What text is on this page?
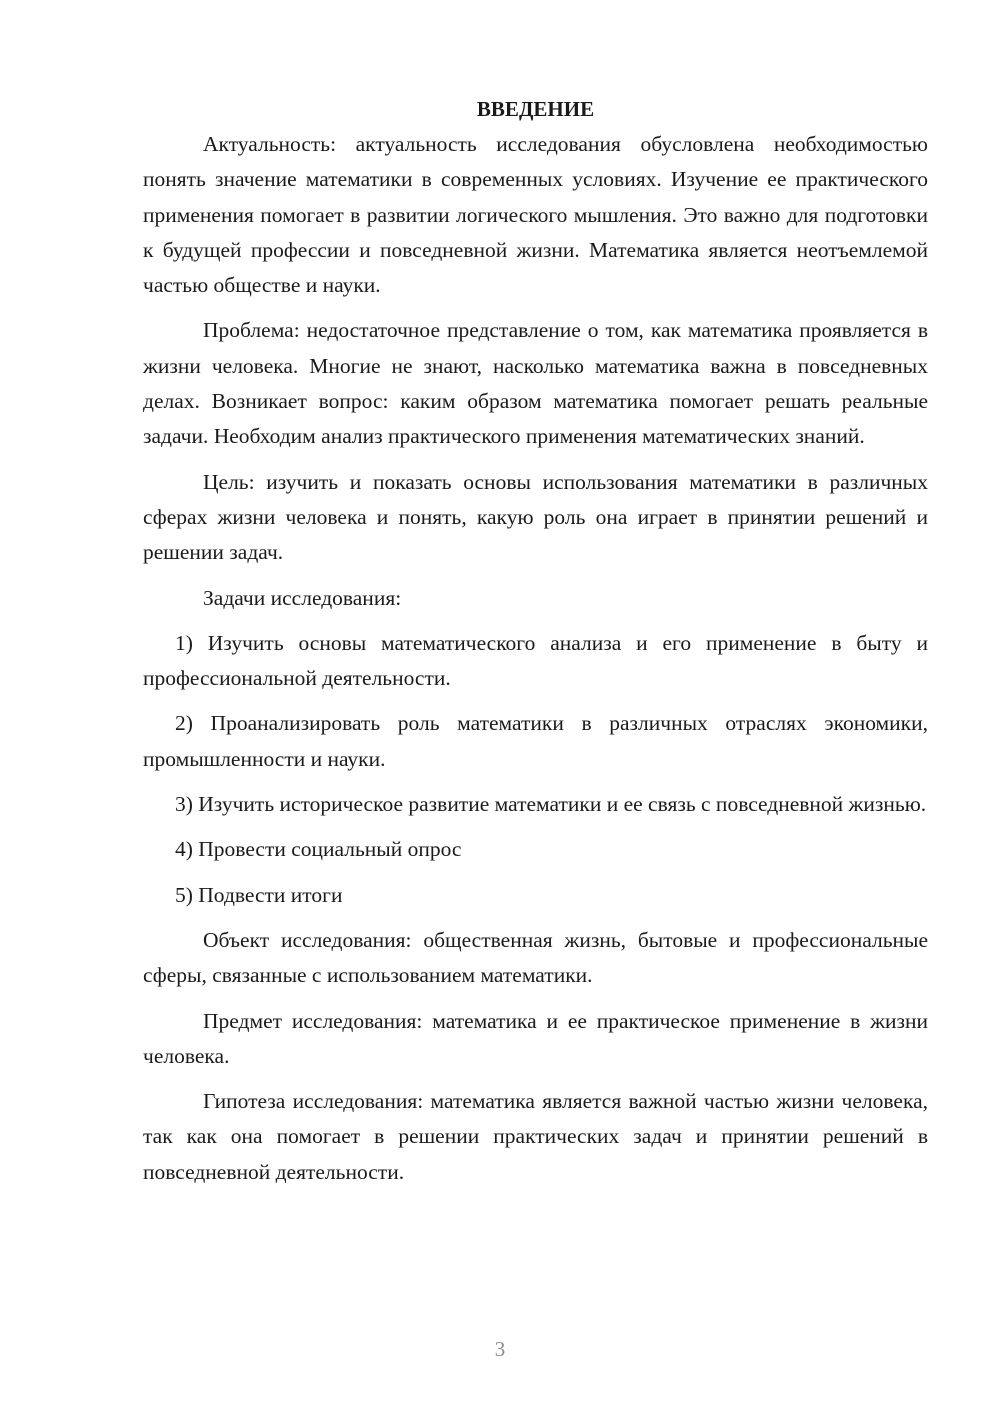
ВВЕДЕНИЕ

Актуальность: актуальность исследования обусловлена необходимостью понять значение математики в современных условиях. Изучение ее практического применения помогает в развитии логического мышления. Это важно для подготовки к будущей профессии и повседневной жизни. Математика является неотъемлемой частью обществе и науки.

Проблема: недостаточное представление о том, как математика проявляется в жизни человека. Многие не знают, насколько математика важна в повседневных делах. Возникает вопрос: каким образом математика помогает решать реальные задачи. Необходим анализ практического применения математических знаний.

Цель: изучить и показать основы использования математики в различных сферах жизни человека и понять, какую роль она играет в принятии решений и решении задач.

Задачи исследования:

1) Изучить основы математического анализа и его применение в быту и профессиональной деятельности.

2) Проанализировать роль математики в различных отраслях экономики, промышленности и науки.

3) Изучить историческое развитие математики и ее связь с повседневной жизнью.

4) Провести социальный опрос

5) Подвести итоги

Объект исследования: общественная жизнь, бытовые и профессиональные сферы, связанные с использованием математики.

Предмет исследования: математика и ее практическое применение в жизни человека.

Гипотеза исследования: математика является важной частью жизни человека, так как она помогает в решении практических задач и принятии решений в повседневной деятельности.

3
